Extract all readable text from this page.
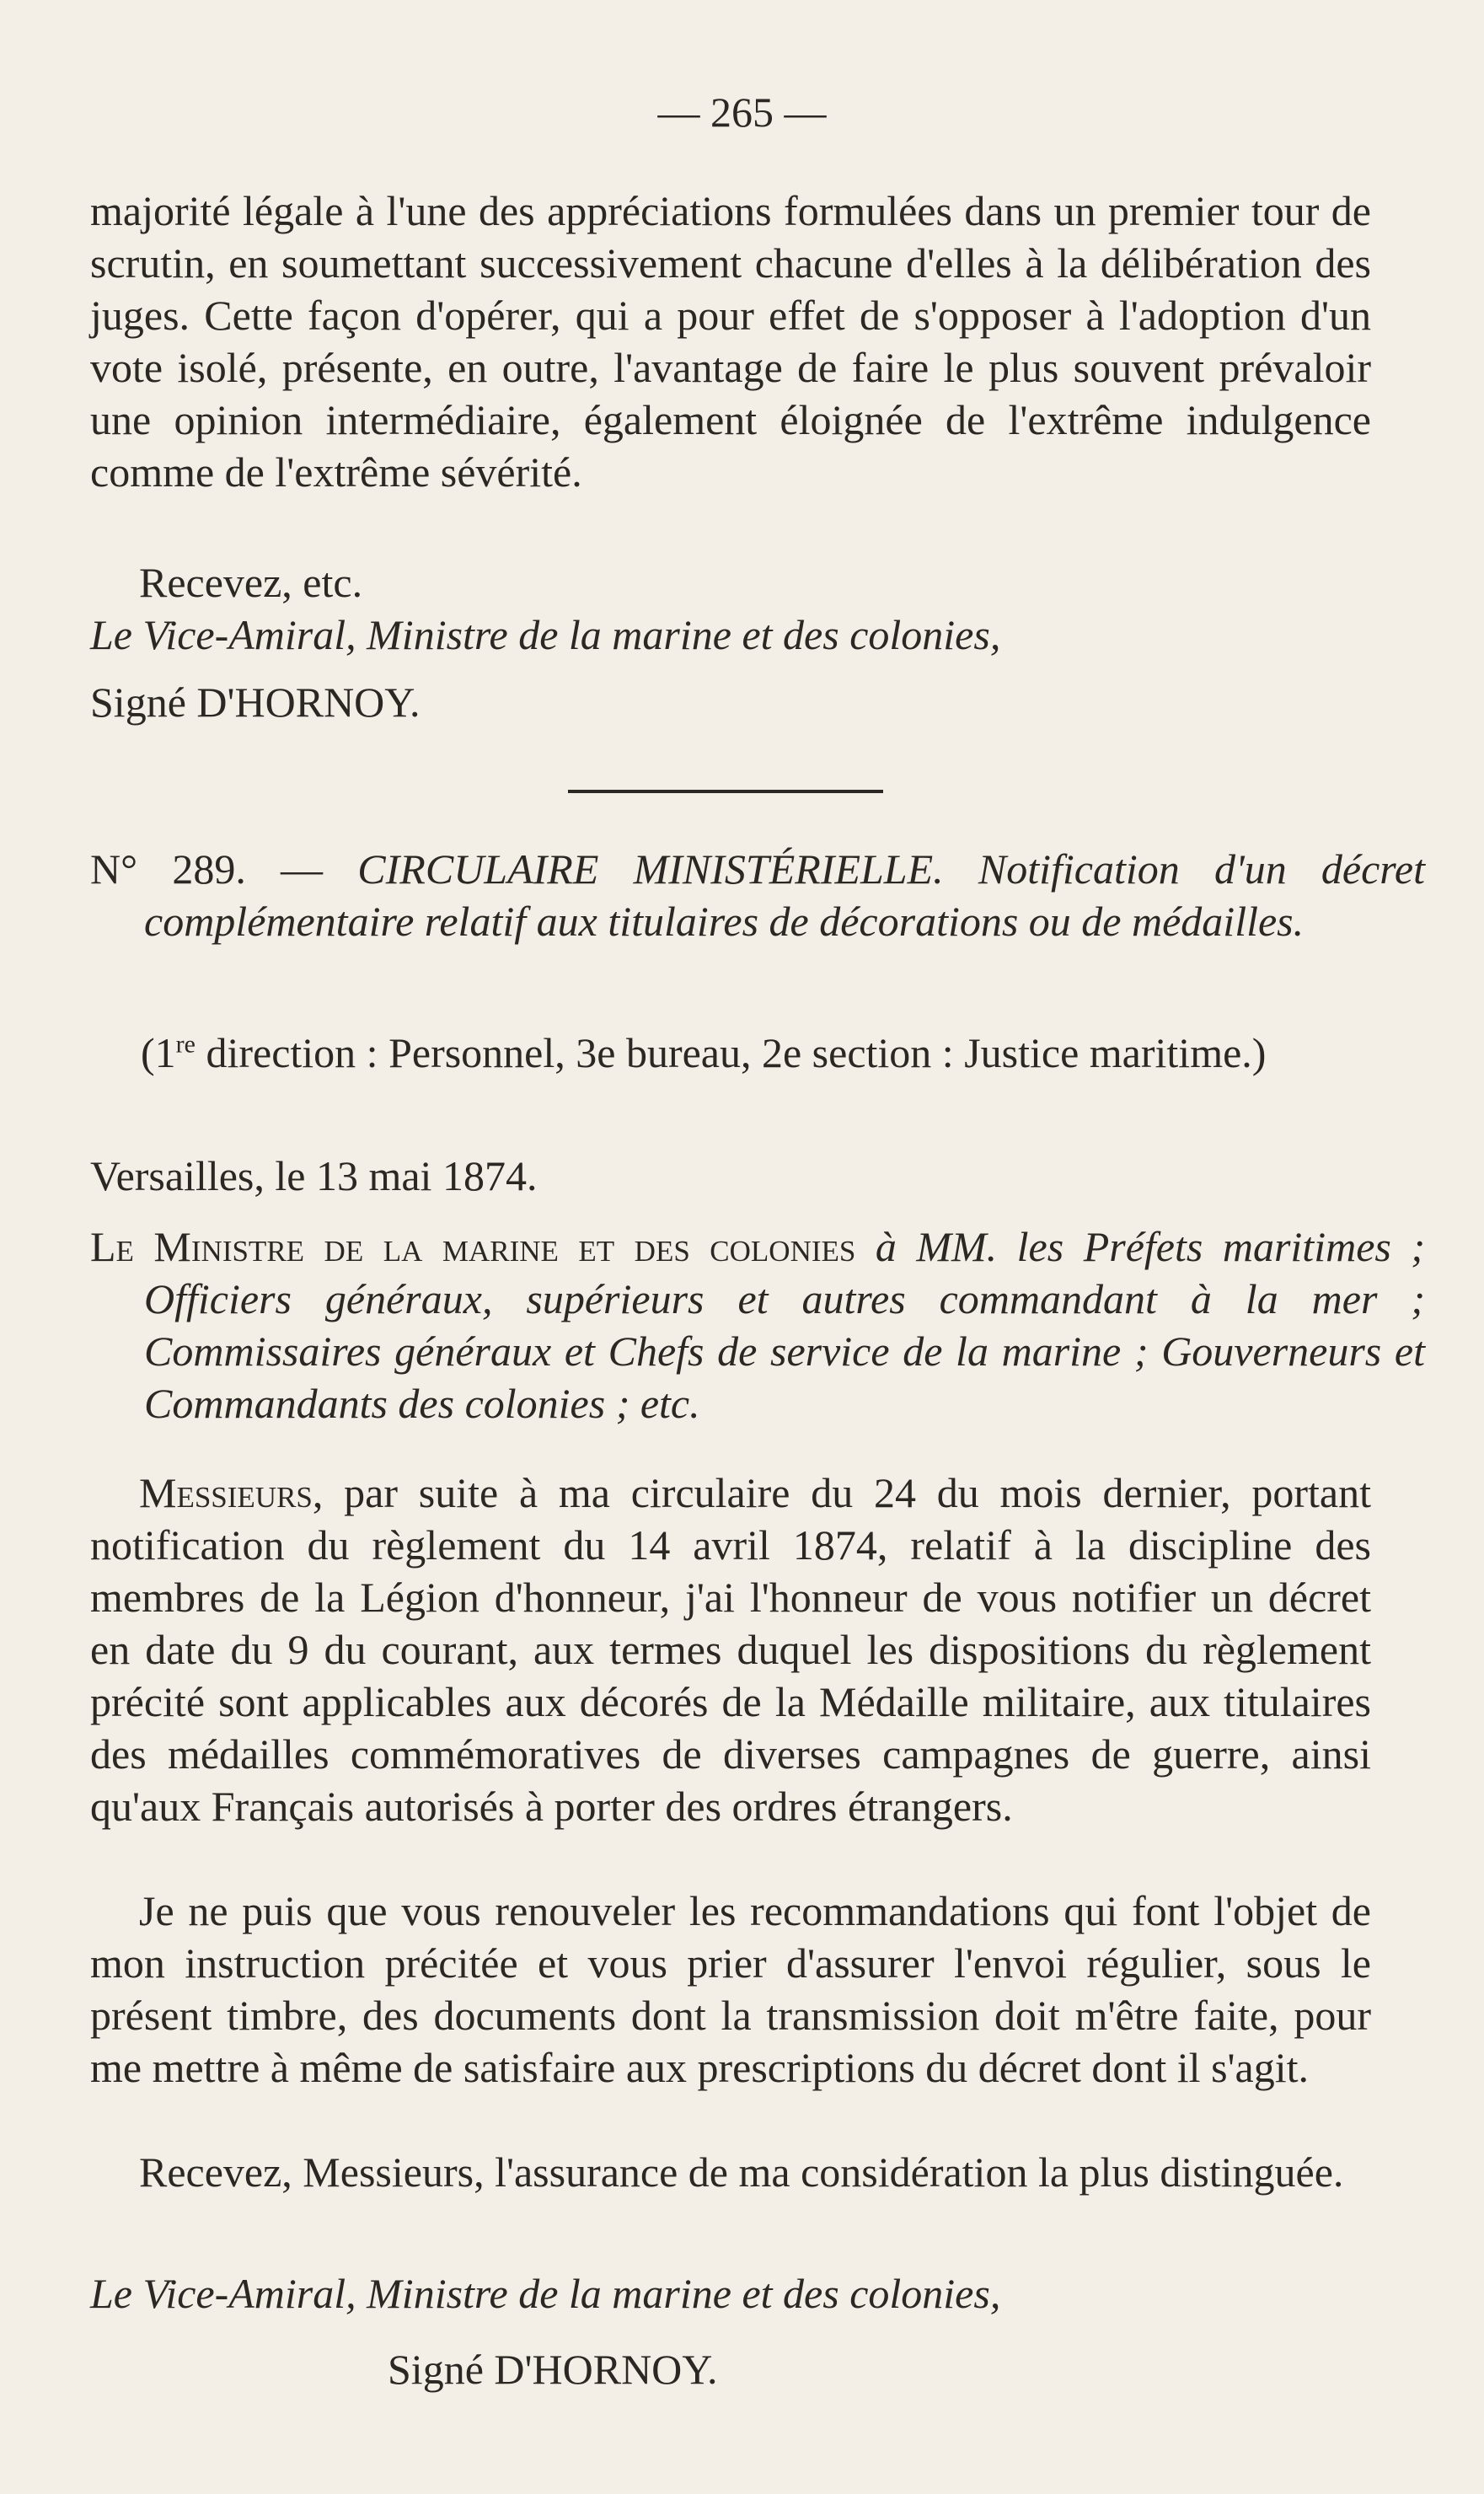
— 265 —

majorité légale à l'une des appréciations formulées dans un premier tour de scrutin, en soumettant successivement chacune d'elles à la délibération des juges. Cette façon d'opérer, qui a pour effet de s'opposer à l'adoption d'un vote isolé, présente, en outre, l'avantage de faire le plus souvent prévaloir une opinion intermédiaire, également éloignée de l'extrême indulgence comme de l'extrême sévérité.

Recevez, etc.

Le Vice-Amiral, Ministre de la marine et des colonies,

Signé D'HORNOY.

N° 289. — CIRCULAIRE MINISTÉRIELLE. Notification d'un décret complémentaire relatif aux titulaires de décorations ou de médailles.

(1re direction : Personnel, 3e bureau, 2e section : Justice maritime.)

Versailles, le 13 mai 1874.

Le Ministre de la marine et des colonies à MM. les Préfets maritimes ; Officiers généraux, supérieurs et autres commandant à la mer ; Commissaires généraux et Chefs de service de la marine ; Gouverneurs et Commandants des colonies ; etc.

Messieurs, par suite à ma circulaire du 24 du mois dernier, portant notification du règlement du 14 avril 1874, relatif à la discipline des membres de la Légion d'honneur, j'ai l'honneur de vous notifier un décret en date du 9 du courant, aux termes duquel les dispositions du règlement précité sont applicables aux décorés de la Médaille militaire, aux titulaires des médailles commémoratives de diverses campagnes de guerre, ainsi qu'aux Français autorisés à porter des ordres étrangers.

Je ne puis que vous renouveler les recommandations qui font l'objet de mon instruction précitée et vous prier d'assurer l'envoi régulier, sous le présent timbre, des documents dont la transmission doit m'être faite, pour me mettre à même de satisfaire aux prescriptions du décret dont il s'agit.

Recevez, Messieurs, l'assurance de ma considération la plus distinguée.

Le Vice-Amiral, Ministre de la marine et des colonies,

Signé D'HORNOY.
